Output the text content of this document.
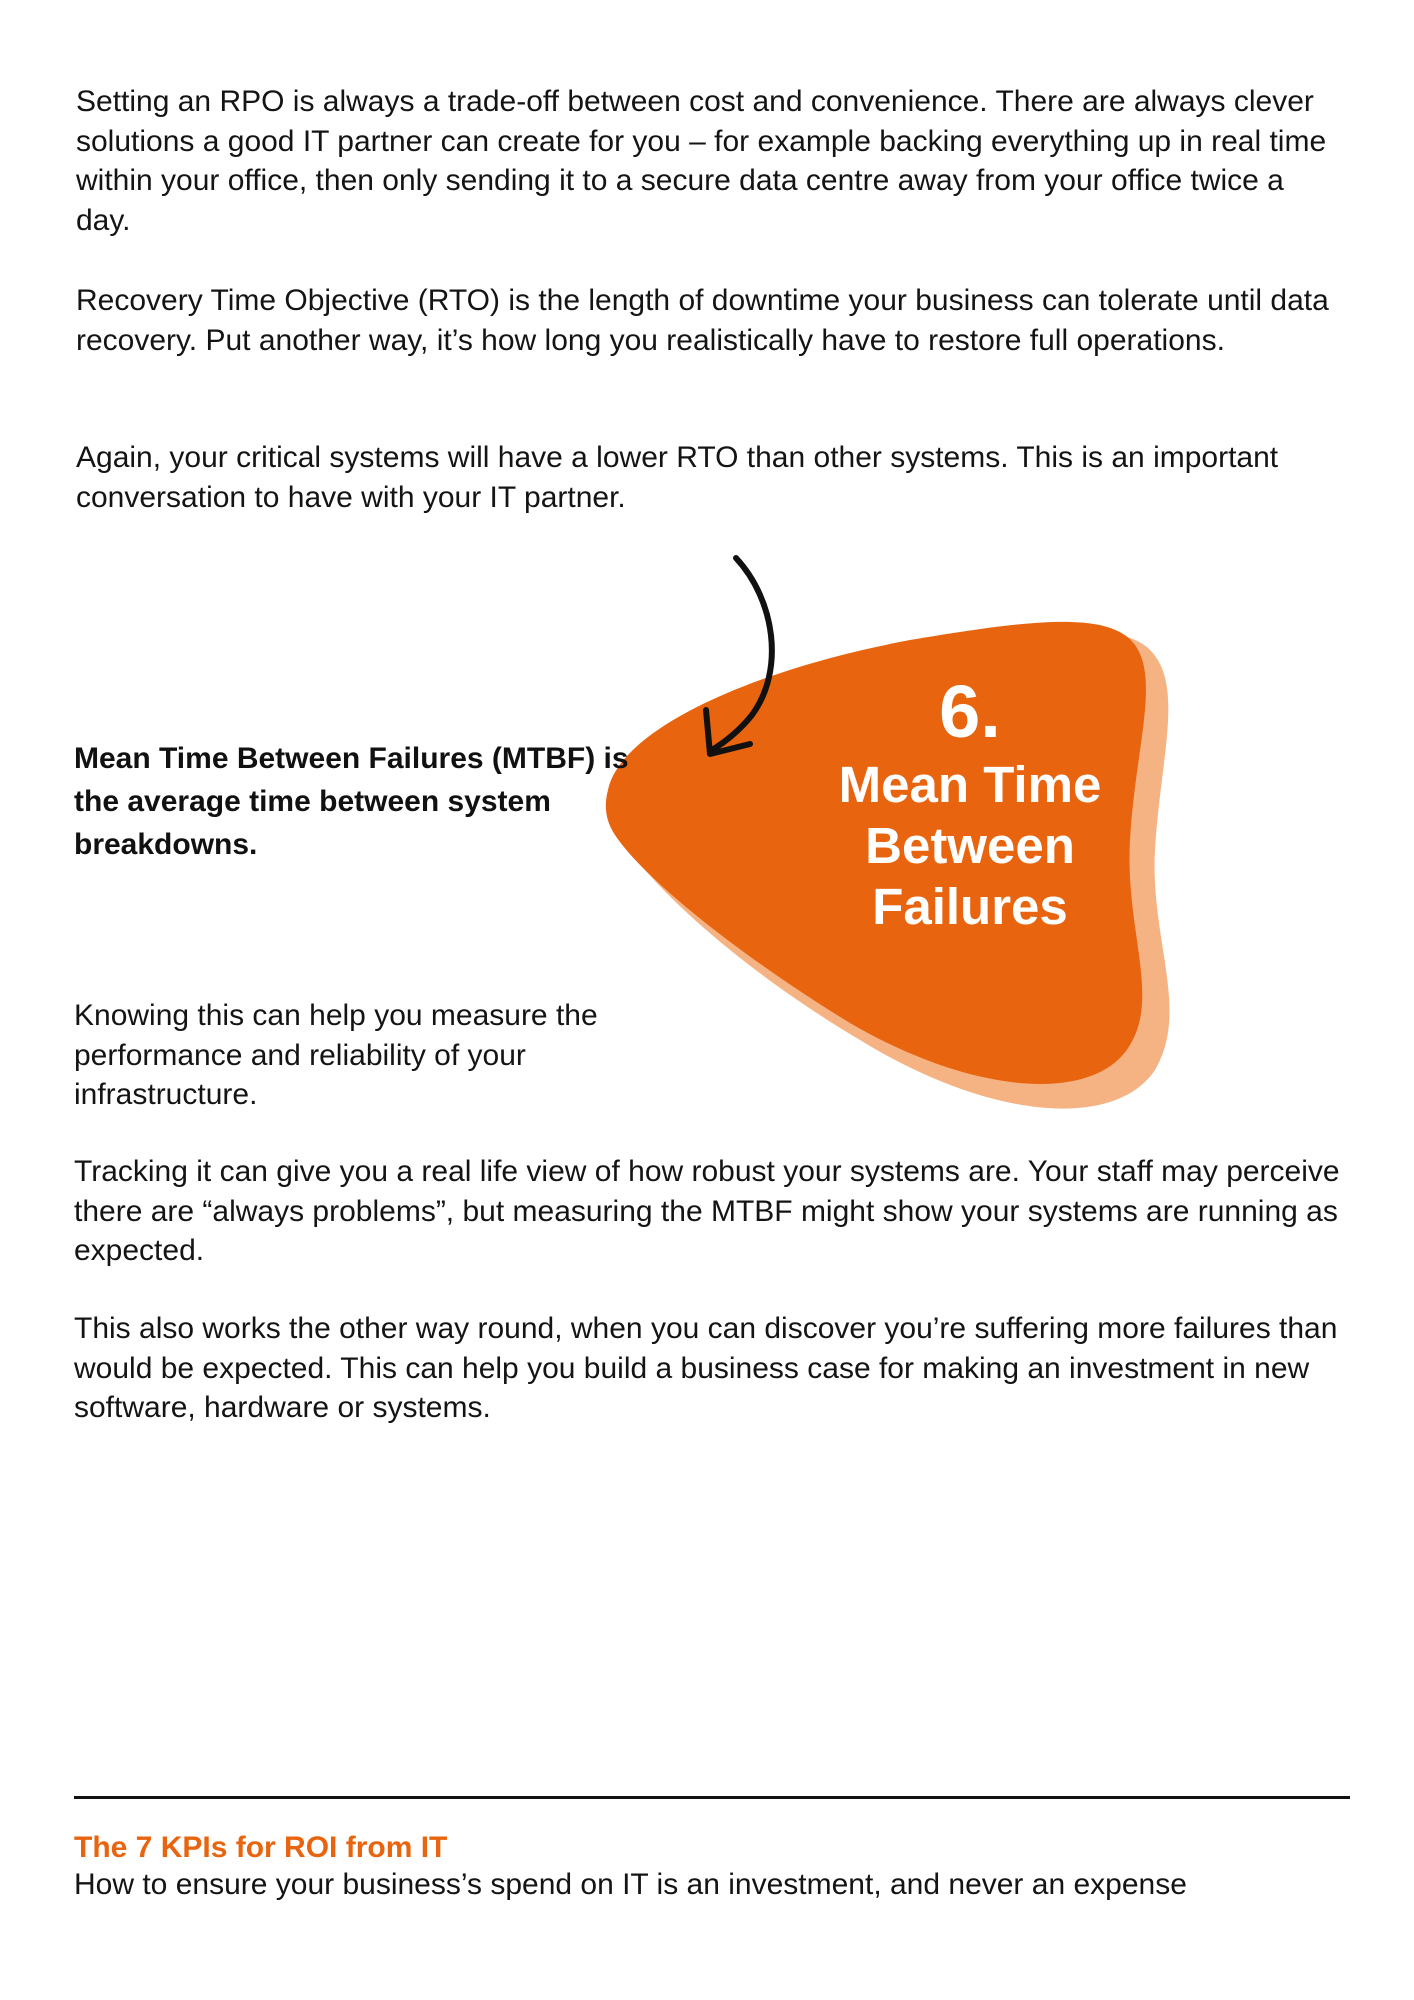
Setting an RPO is always a trade-off between cost and convenience. There are always clever solutions a good IT partner can create for you – for example backing everything up in real time within your office, then only sending it to a secure data centre away from your office twice a day.

Recovery Time Objective (RTO) is the length of downtime your business can tolerate until data recovery. Put another way, it’s how long you realistically have to restore full operations.

Again, your critical systems will have a lower RTO than other systems. This is an important conversation to have with your IT partner.

6.
Mean Time Between Failures

Mean Time Between Failures (MTBF) is the average time between system breakdowns.

Knowing this can help you measure the performance and reliability of your infrastructure.

Tracking it can give you a real life view of how robust your systems are. Your staff may perceive there are “always problems”, but measuring the MTBF might show your systems are running as expected.

This also works the other way round, when you can discover you’re suffering more failures than would be expected. This can help you build a business case for making an investment in new software, hardware or systems.

The 7 KPIs for ROI from IT
How to ensure your business’s spend on IT is an investment, and never an expense
